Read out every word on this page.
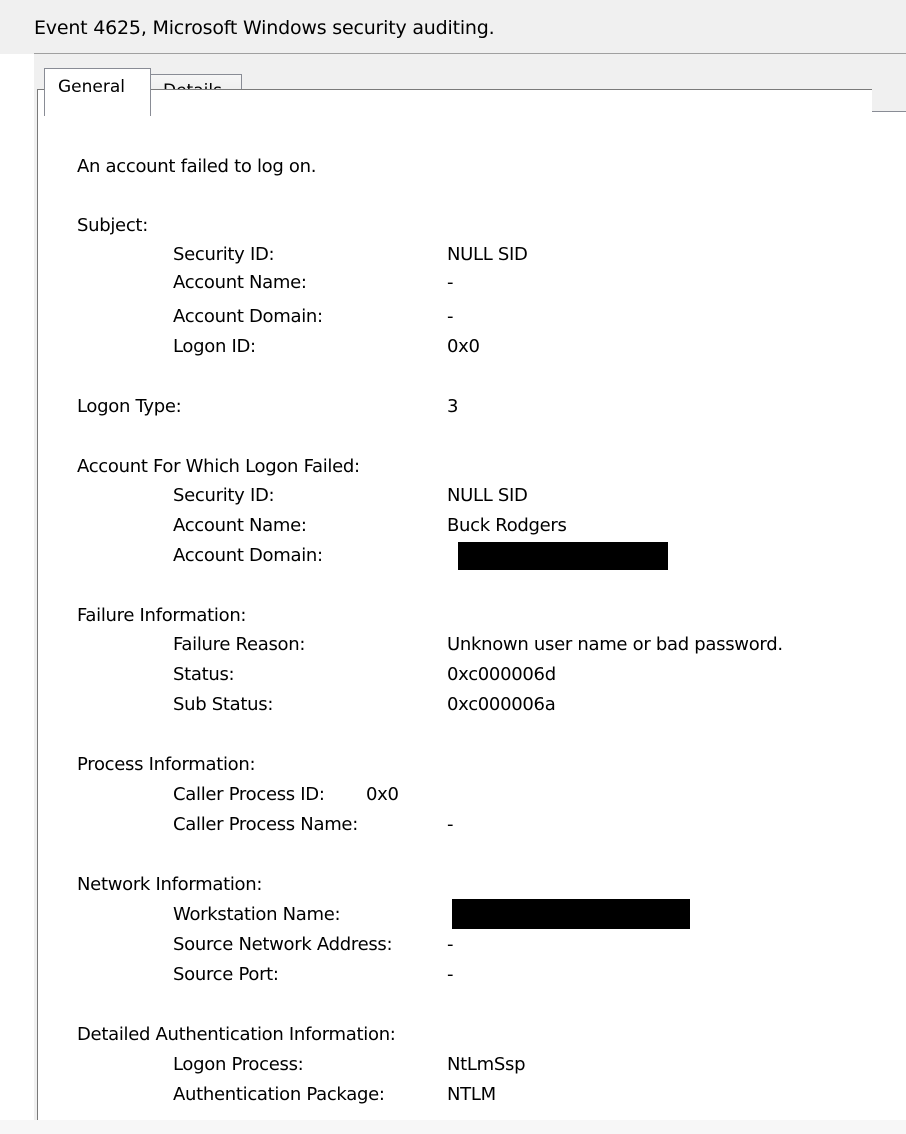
Event 4625, Microsoft Windows security auditing.
General
An account failed to log on.
Subject:
Security ID:	NULL SID
Account Name:	-
Account Domain:	-
Logon ID:	0x0
Logon Type:	3
Account For Which Logon Failed:
Security ID:	NULL SID
Account Name:	Buck Rodgers
Account Domain:
Failure Information:
Failure Reason:	Unknown user name or bad password.
Status:	0xc000006d
Sub Status:	0xc000006a
Process Information:
Caller Process ID: 0x0
Caller Process Name:	-
Network Information:
Workstation Name:
Source Network Address:	-
Source Port:	-
Detailed Authentication Information:
Logon Process:	NtLmSsp
Authentication Package:	NTLM
